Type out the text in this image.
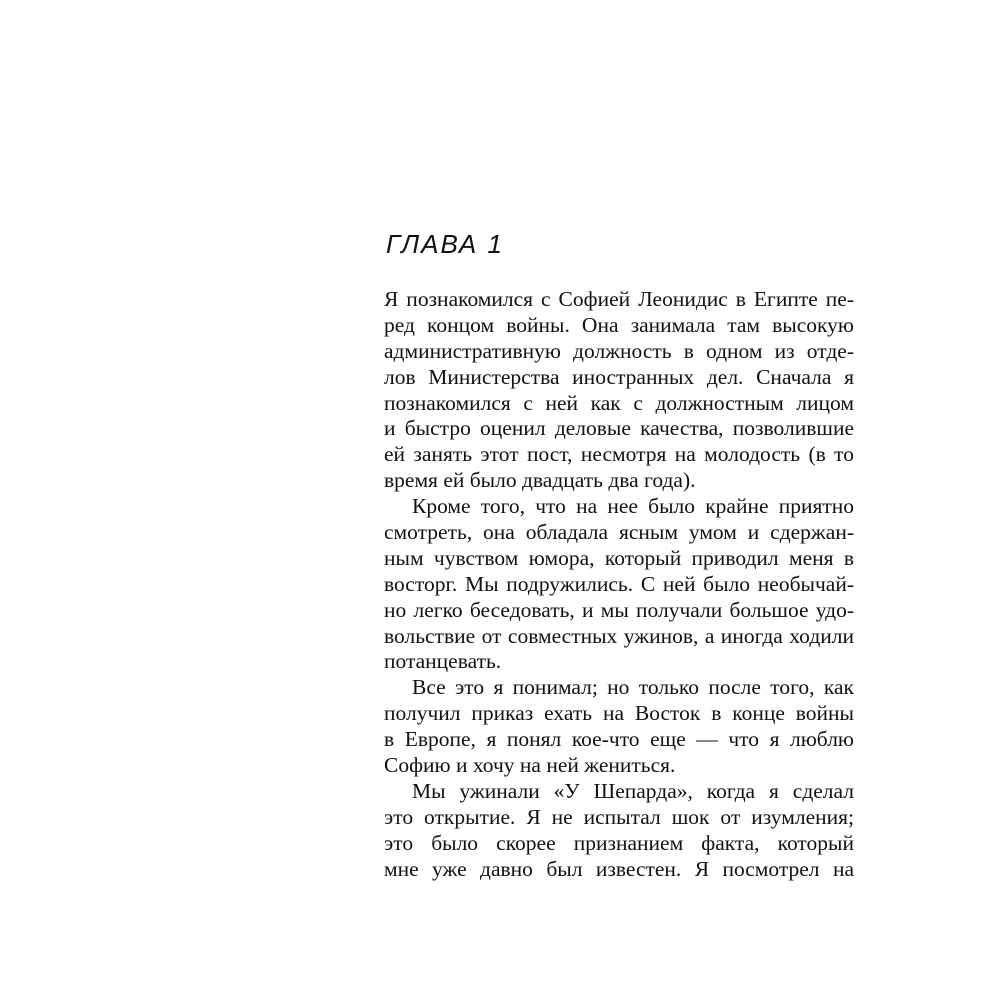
ГЛАВА 1
Я познакомился с Софией Леонидис в Египте пе-
ред концом войны. Она занимала там высокую
административную должность в одном из отде-
лов Министерства иностранных дел. Сначала я
познакомился с ней как с должностным лицом
и быстро оценил деловые качества, позволившие
ей занять этот пост, несмотря на молодость (в то
время ей было двадцать два года).
Кроме того, что на нее было крайне приятно
смотреть, она обладала ясным умом и сдержан-
ным чувством юмора, который приводил меня в
восторг. Мы подружились. С ней было необычай-
но легко беседовать, и мы получали большое удо-
вольствие от совместных ужинов, а иногда ходили
потанцевать.
Все это я понимал; но только после того, как
получил приказ ехать на Восток в конце войны
в Европе, я понял кое-что еще — что я люблю
Софию и хочу на ней жениться.
Мы ужинали «У Шепарда», когда я сделал
это открытие. Я не испытал шок от изумления;
это было скорее признанием факта, который
мне уже давно был известен. Я посмотрел на
